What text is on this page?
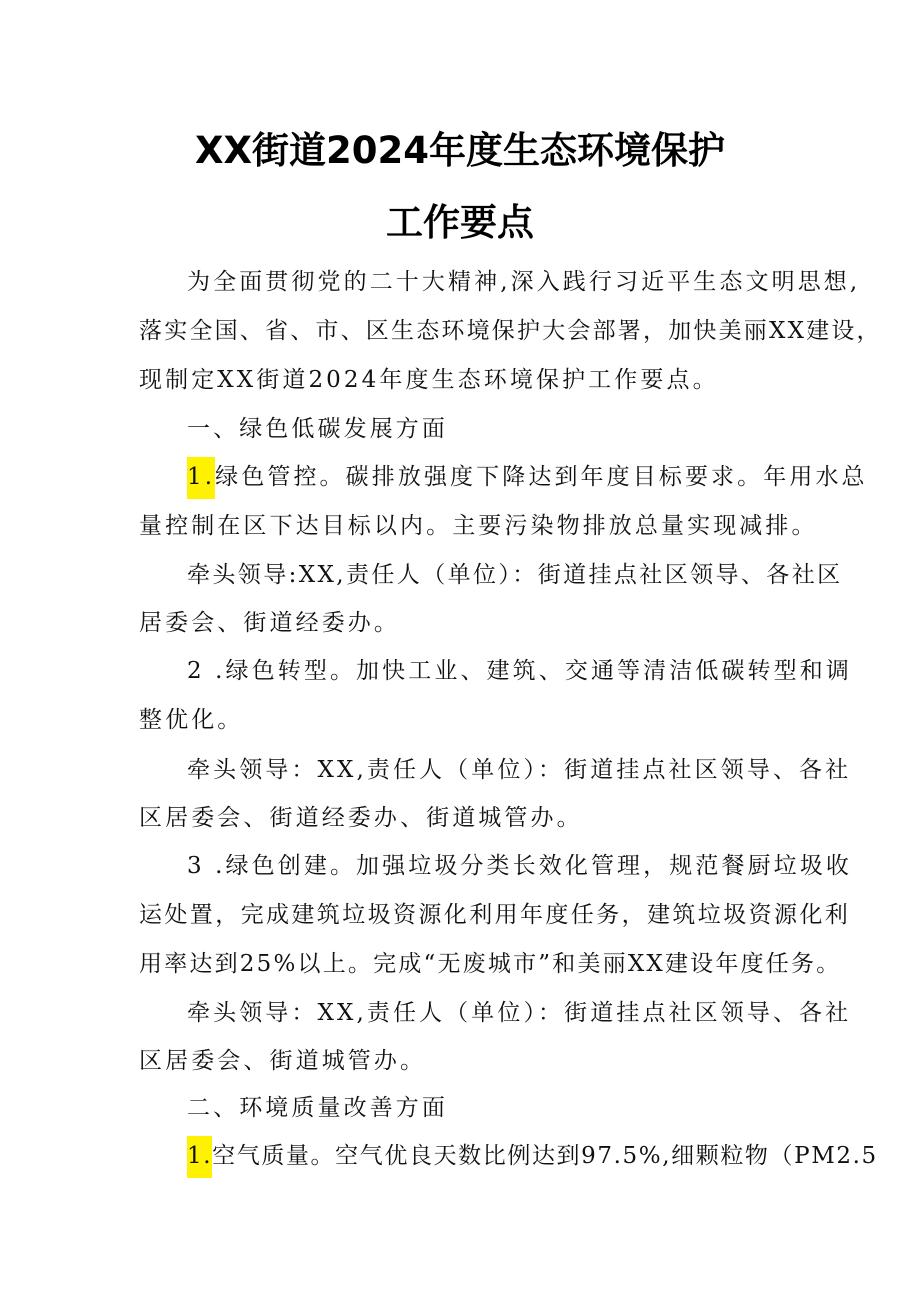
XX街道2024年度生态环境保护
工作要点
为全面贯彻党的二十大精神,深入践行习近平生态文明思想,
落实全国、省、市、区生态环境保护大会部署，加快美丽XX建设，
现制定XX街道2024年度生态环境保护工作要点。
一、绿色低碳发展方面
1.绿色管控。碳排放强度下降达到年度目标要求。年用水总
量控制在区下达目标以内。主要污染物排放总量实现减排。
牵头领导:XX,责任人（单位）：街道挂点社区领导、各社区
居委会、街道经委办。
2 .绿色转型。加快工业、建筑、交通等清洁低碳转型和调
整优化。
牵头领导：XX,责任人（单位）：街道挂点社区领导、各社
区居委会、街道经委办、街道城管办。
3 .绿色创建。加强垃圾分类长效化管理，规范餐厨垃圾收
运处置，完成建筑垃圾资源化利用年度任务，建筑垃圾资源化利
用率达到25%以上。完成“无废城市”和美丽XX建设年度任务。
牵头领导：XX,责任人（单位）：街道挂点社区领导、各社
区居委会、街道城管办。
二、环境质量改善方面
1.空气质量。空气优良天数比例达到97.5%,细颗粒物（PM2.5
